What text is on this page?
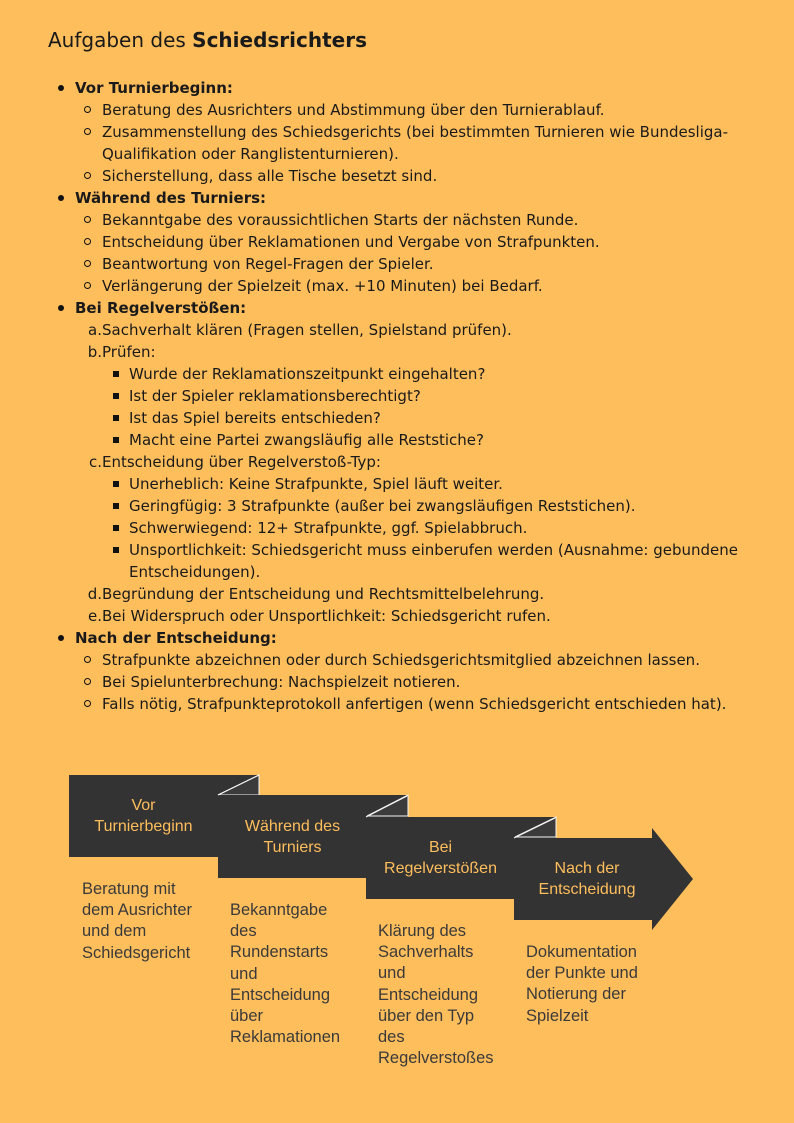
Aufgaben des Schiedsrichters
Vor Turnierbeginn:
Beratung des Ausrichters und Abstimmung über den Turnierablauf.
Zusammenstellung des Schiedsgerichts (bei bestimmten Turnieren wie Bundesliga-Qualifikation oder Ranglistenturnieren).
Sicherstellung, dass alle Tische besetzt sind.
Während des Turniers:
Bekanntgabe des voraussichtlichen Starts der nächsten Runde.
Entscheidung über Reklamationen und Vergabe von Strafpunkten.
Beantwortung von Regel-Fragen der Spieler.
Verlängerung der Spielzeit (max. +10 Minuten) bei Bedarf.
Bei Regelverstößen:
a. Sachverhalt klären (Fragen stellen, Spielstand prüfen).
b. Prüfen:
Wurde der Reklamationszeitpunkt eingehalten?
Ist der Spieler reklamationsberechtigt?
Ist das Spiel bereits entschieden?
Macht eine Partei zwangsläufig alle Reststiche?
c. Entscheidung über Regelverstoß-Typ:
Unerheblich: Keine Strafpunkte, Spiel läuft weiter.
Geringfügig: 3 Strafpunkte (außer bei zwangsläufigen Reststichen).
Schwerwiegend: 12+ Strafpunkte, ggf. Spielabbruch.
Unsportlichkeit: Schiedsgericht muss einberufen werden (Ausnahme: gebundene Entscheidungen).
d. Begründung der Entscheidung und Rechtsmittelbelehrung.
e. Bei Widerspruch oder Unsportlichkeit: Schiedsgericht rufen.
Nach der Entscheidung:
Strafpunkte abzeichnen oder durch Schiedsgerichtsmitglied abzeichnen lassen.
Bei Spielunterbrechung: Nachspielzeit notieren.
Falls nötig, Strafpunkteprotokoll anfertigen (wenn Schiedsgericht entschieden hat).
Vor
Turnierbeginn	Während des
Turniers	Bei
Regelverstößen	Nach der
Entscheidung
Beratung mit
dem Ausrichter
und dem
Schiedsgericht
Bekanntgabe
des
Rundenstarts
und
Entscheidung
über
Reklamationen
Klärung des
Sachverhalts
und
Entscheidung
über den Typ
des
Regelverstoßes
Dokumentation
der Punkte und
Notierung der
Spielzeit
